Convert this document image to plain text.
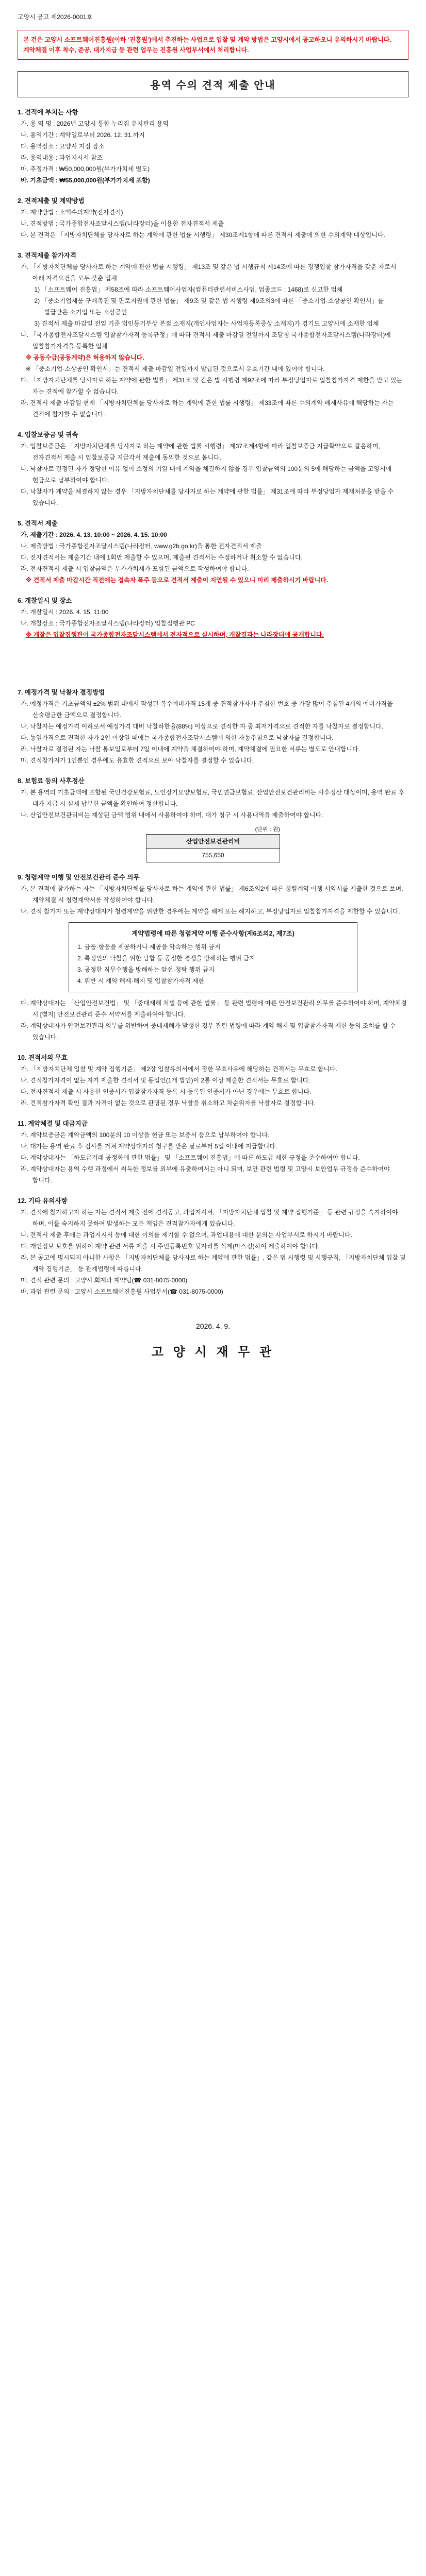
고양시 공고 제2026-0001호

본 건은 고양시 소프트웨어진흥원(이하 ‘진흥원’)에서 추진하는 사업으로 입찰 및 계약 방법은 고양시에서 공고하오니 유의하시기 바랍니다. 계약체결 이후 착수, 준공, 대가지급 등 관련 업무는 진흥원 사업부서에서 처리합니다.

용역 수의 견적 제출 안내

1. 견적에 부치는 사항

가. 용 역 명 : 2026년 고양시 통합 누리집 유지관리 용역

나. 용역기간 : 계약일로부터 2026. 12. 31.까지

다. 용역장소 : 고양시 지정 장소

라. 용역내용 : 과업지시서 참조

마. 추정가격 : ₩50,000,000원(부가가치세 별도)

바. 기초금액 : ₩55,000,000원(부가가치세 포함)

2. 견적제출 및 계약방법

가. 계약방법 : 소액수의계약(전자견적)

나. 견적방법 : 국가종합전자조달시스템(나라장터)을 이용한 전자견적서 제출

다. 본 견적은 「지방자치단체를 당사자로 하는 계약에 관한 법률 시행령」 제30조제1항에 따른 견적서 제출에 의한 수의계약 대상입니다.

3. 견적제출 참가자격

가. 「지방자치단체를 당사자로 하는 계약에 관한 법률 시행령」 제13조 및 같은 법 시행규칙 제14조에 따른 경쟁입찰 참가자격을 갖춘 자로서 아래 자격요건을 모두 갖춘 업체

1) 「소프트웨어 진흥법」 제58조에 따라 소프트웨어사업자(컴퓨터관련서비스사업, 업종코드 : 1468)로 신고한 업체

2) 「중소기업제품 구매촉진 및 판로지원에 관한 법률」 제9조 및 같은 법 시행령 제9조의3에 따른 「중소기업·소상공인 확인서」를 발급받은 소기업 또는 소상공인

3) 견적서 제출 마감일 전일 기준 법인등기부상 본점 소재지(개인사업자는 사업자등록증상 소재지)가 경기도 고양시에 소재한 업체

나. 「국가종합전자조달시스템 입찰참가자격 등록규정」에 따라 견적서 제출 마감일 전일까지 조달청 국가종합전자조달시스템(나라장터)에 입찰참가자격을 등록한 업체

※ 공동수급(공동계약)은 허용하지 않습니다.

※ 「중소기업·소상공인 확인서」는 견적서 제출 마감일 전일까지 발급된 것으로서 유효기간 내에 있어야 합니다.

다. 「지방자치단체를 당사자로 하는 계약에 관한 법률」 제31조 및 같은 법 시행령 제92조에 따라 부정당업자로 입찰참가자격 제한을 받고 있는 자는 견적에 참가할 수 없습니다.

라. 견적서 제출 마감일 현재 「지방자치단체를 당사자로 하는 계약에 관한 법률 시행령」 제33조에 따른 수의계약 배제사유에 해당하는 자는 견적에 참가할 수 없습니다.

4. 입찰보증금 및 귀속

가. 입찰보증금은 「지방자치단체를 당사자로 하는 계약에 관한 법률 시행령」 제37조제4항에 따라 입찰보증금 지급확약으로 갈음하며, 전자견적서 제출 시 입찰보증금 지급각서 제출에 동의한 것으로 봅니다.

나. 낙찰자로 결정된 자가 정당한 이유 없이 소정의 기일 내에 계약을 체결하지 않을 경우 입찰금액의 100분의 5에 해당하는 금액을 고양시에 현금으로 납부하여야 합니다.

다. 낙찰자가 계약을 체결하지 않는 경우 「지방자치단체를 당사자로 하는 계약에 관한 법률」 제31조에 따라 부정당업자 제재처분을 받을 수 있습니다.

5. 견적서 제출

가. 제출기간 : 2026. 4. 13. 10:00 ~ 2026. 4. 15. 10:00

나. 제출방법 : 국가종합전자조달시스템(나라장터, www.g2b.go.kr)을 통한 전자견적서 제출

다. 전자견적서는 제출기간 내에 1회만 제출할 수 있으며, 제출된 견적서는 수정하거나 취소할 수 없습니다.

라. 전자견적서 제출 시 입찰금액은 부가가치세가 포함된 금액으로 작성하여야 합니다.

※ 견적서 제출 마감시간 직전에는 접속자 폭주 등으로 견적서 제출이 지연될 수 있으니 미리 제출하시기 바랍니다.

6. 개찰일시 및 장소

가. 개찰일시 : 2026. 4. 15. 11:00

나. 개찰장소 : 국가종합전자조달시스템(나라장터) 입찰집행관 PC

※ 개찰은 입찰집행관이 국가종합전자조달시스템에서 전자적으로 실시하며, 개찰결과는 나라장터에 공개합니다.

7. 예정가격 및 낙찰자 결정방법

가. 예정가격은 기초금액의 ±2% 범위 내에서 작성된 복수예비가격 15개 중 견적참가자가 추첨한 번호 중 가장 많이 추첨된 4개의 예비가격을 산술평균한 금액으로 결정합니다.

나. 낙찰자는 예정가격 이하로서 예정가격 대비 낙찰하한율(88%) 이상으로 견적한 자 중 최저가격으로 견적한 자를 낙찰자로 결정합니다.

다. 동일가격으로 견적한 자가 2인 이상일 때에는 국가종합전자조달시스템에 의한 자동추첨으로 낙찰자를 결정합니다.

라. 낙찰자로 결정된 자는 낙찰 통보일로부터 7일 이내에 계약을 체결하여야 하며, 계약체결에 필요한 서류는 별도로 안내합니다.

마. 견적참가자가 1인뿐인 경우에도 유효한 견적으로 보아 낙찰자를 결정할 수 있습니다.

8. 보험료 등의 사후정산

가. 본 용역의 기초금액에 포함된 국민건강보험료, 노인장기요양보험료, 국민연금보험료, 산업안전보건관리비는 사후정산 대상이며, 용역 완료 후 대가 지급 시 실제 납부한 금액을 확인하여 정산합니다.

나. 산업안전보건관리비는 계상된 금액 범위 내에서 사용하여야 하며, 대가 청구 시 사용내역을 제출하여야 합니다.

(단위 : 원)

산업안전보건관리비
755,650

9. 청렴계약 이행 및 안전보건관리 준수 의무

가. 본 견적에 참가하는 자는 「지방자치단체를 당사자로 하는 계약에 관한 법률」 제6조의2에 따른 청렴계약 이행 서약서를 제출한 것으로 보며, 계약체결 시 청렴계약서를 작성하여야 합니다.

나. 견적 참가자 또는 계약상대자가 청렴계약을 위반한 경우에는 계약을 해제 또는 해지하고, 부정당업자로 입찰참가자격을 제한할 수 있습니다.

계약법령에 따른 청렴계약 이행 준수사항(제6조의2, 제7조)

1. 금품·향응을 제공하거나 제공을 약속하는 행위 금지

2. 특정인의 낙찰을 위한 담합 등 공정한 경쟁을 방해하는 행위 금지

3. 공정한 직무수행을 방해하는 알선·청탁 행위 금지

4. 위반 시 계약 해제·해지 및 입찰참가자격 제한

다. 계약상대자는 「산업안전보건법」 및 「중대재해 처벌 등에 관한 법률」 등 관련 법령에 따른 안전보건관리 의무를 준수하여야 하며, 계약체결 시 [별지] 안전보건관리 준수 서약서를 제출하여야 합니다.

라. 계약상대자가 안전보건관리 의무를 위반하여 중대재해가 발생한 경우 관련 법령에 따라 계약 해지 및 입찰참가자격 제한 등의 조치를 할 수 있습니다.

10. 견적서의 무효

가. 「지방자치단체 입찰 및 계약 집행기준」 제2장 입찰유의서에서 정한 무효사유에 해당하는 견적서는 무효로 합니다.

나. 견적참가자격이 없는 자가 제출한 견적서 및 동일인(1개 법인)이 2통 이상 제출한 견적서는 무효로 합니다.

다. 전자견적서 제출 시 사용한 인증서가 입찰참가자격 등록 시 등록된 인증서가 아닌 경우에는 무효로 합니다.

라. 견적참가자격 확인 결과 자격이 없는 것으로 판명된 경우 낙찰을 취소하고 차순위자를 낙찰자로 결정합니다.

11. 계약체결 및 대금지급

가. 계약보증금은 계약금액의 100분의 10 이상을 현금 또는 보증서 등으로 납부하여야 합니다.

나. 대가는 용역 완료 후 검사를 거쳐 계약상대자의 청구를 받은 날로부터 5일 이내에 지급합니다.

다. 계약상대자는 「하도급거래 공정화에 관한 법률」 및 「소프트웨어 진흥법」에 따른 하도급 제한 규정을 준수하여야 합니다.

라. 계약상대자는 용역 수행 과정에서 취득한 정보를 외부에 유출하여서는 아니 되며, 보안 관련 법령 및 고양시 보안업무 규정을 준수하여야 합니다.

12. 기타 유의사항

가. 견적에 참가하고자 하는 자는 견적서 제출 전에 견적공고, 과업지시서, 「지방자치단체 입찰 및 계약 집행기준」 등 관련 규정을 숙지하여야 하며, 이를 숙지하지 못하여 발생하는 모든 책임은 견적참가자에게 있습니다.

나. 견적서 제출 후에는 과업지시서 등에 대한 이의를 제기할 수 없으며, 과업내용에 대한 문의는 사업부서로 하시기 바랍니다.

다. 개인정보 보호를 위하여 계약 관련 서류 제출 시 주민등록번호 뒷자리를 삭제(마스킹)하여 제출하여야 합니다.

라. 본 공고에 명시되지 아니한 사항은 「지방자치단체를 당사자로 하는 계약에 관한 법률」, 같은 법 시행령 및 시행규칙, 「지방자치단체 입찰 및 계약 집행기준」 등 관계법령에 따릅니다.

마. 견적 관련 문의 : 고양시 회계과 계약팀(☎ 031-8075-0000)

바. 과업 관련 문의 : 고양시 소프트웨어진흥원 사업부서(☎ 031-8075-0000)

2026. 4. 9.

고 양 시 재 무 관
